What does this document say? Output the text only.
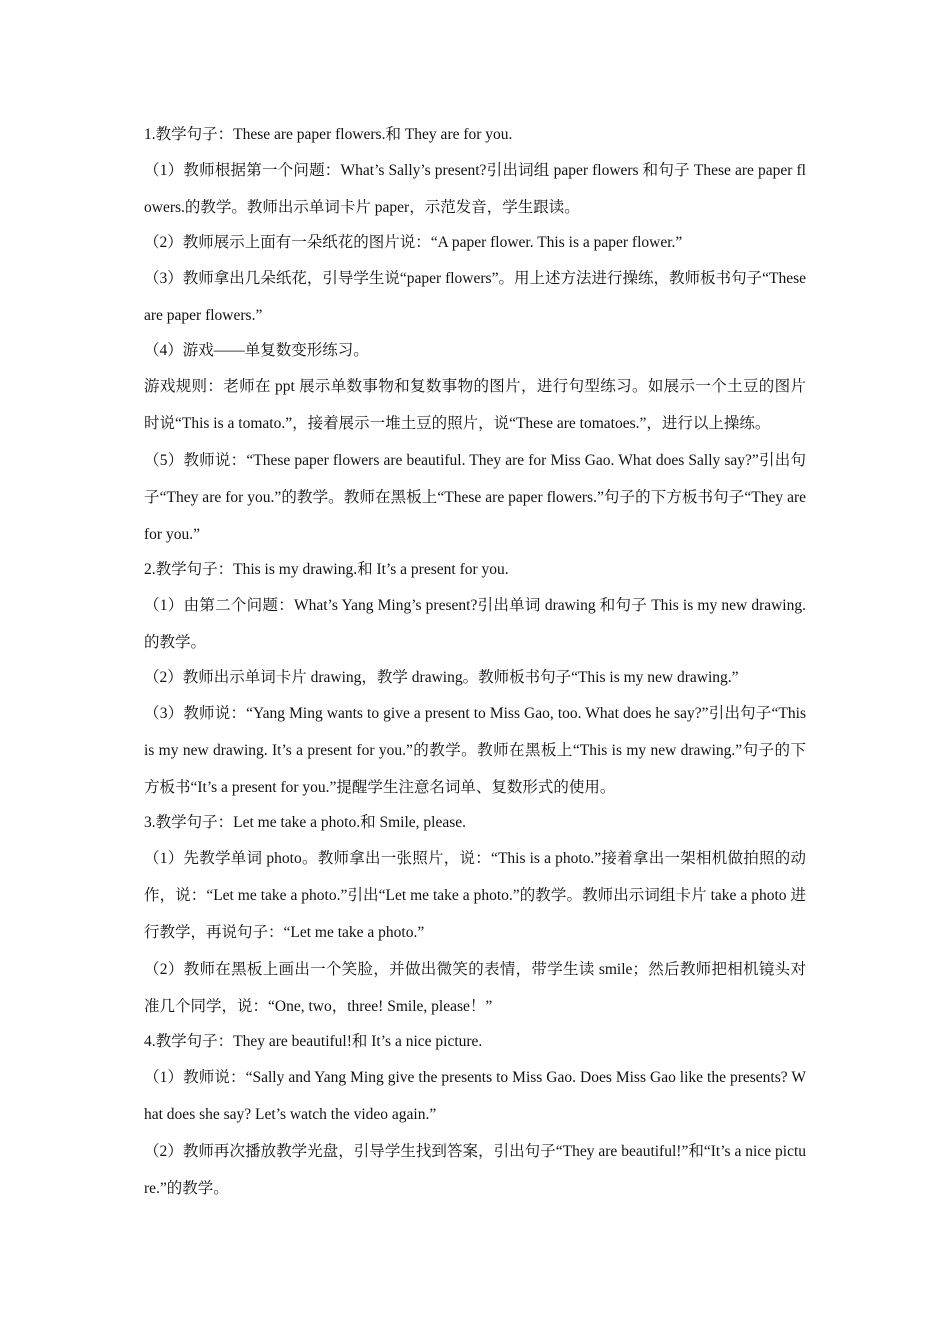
1.教学句子：These are paper flowers.和 They are for you.

（1）教师根据第一个问题：What’s Sally’s present?引出词组 paper flowers 和句子 These are paper flowers.的教学。教师出示单词卡片 paper，示范发音，学生跟读。

（2）教师展示上面有一朵纸花的图片说：“A paper flower. This is a paper flower.”

（3）教师拿出几朵纸花，引导学生说“paper flowers”。用上述方法进行操练，教师板书句子“These are paper flowers.”

（4）游戏——单复数变形练习。

游戏规则：老师在 ppt 展示单数事物和复数事物的图片，进行句型练习。如展示一个土豆的图片时说“This is a tomato.”，接着展示一堆土豆的照片，说“These are tomatoes.”，进行以上操练。

（5）教师说：“These paper flowers are beautiful. They are for Miss Gao. What does Sally say?”引出句子“They are for you.”的教学。教师在黑板上“These are paper flowers.”句子的下方板书句子“They are for you.”

2.教学句子：This is my drawing.和 It’s a present for you.

（1）由第二个问题：What’s Yang Ming’s present?引出单词 drawing 和句子 This is my new drawing.的教学。

（2）教师出示单词卡片 drawing，教学 drawing。教师板书句子“This is my new drawing.”

（3）教师说：“Yang Ming wants to give a present to Miss Gao, too. What does he say?”引出句子“This is my new drawing. It’s a present for you.”的教学。教师在黑板上“This is my new drawing.”句子的下方板书“It’s a present for you.”提醒学生注意名词单、复数形式的使用。

3.教学句子：Let me take a photo.和 Smile, please.

（1）先教学单词 photo。教师拿出一张照片，说：“This is a photo.”接着拿出一架相机做拍照的动作，说：“Let me take a photo.”引出“Let me take a photo.”的教学。教师出示词组卡片 take a photo 进行教学，再说句子：“Let me take a photo.”

（2）教师在黑板上画出一个笑脸，并做出微笑的表情，带学生读 smile；然后教师把相机镜头对准几个同学，说：“One, two，three! Smile, please！”

4.教学句子：They are beautiful!和 It’s a nice picture.

（1）教师说：“Sally and Yang Ming give the presents to Miss Gao. Does Miss Gao like the presents? What does she say? Let’s watch the video again.”

（2）教师再次播放教学光盘，引导学生找到答案，引出句子“They are beautiful!”和“It’s a nice picture.”的教学。
